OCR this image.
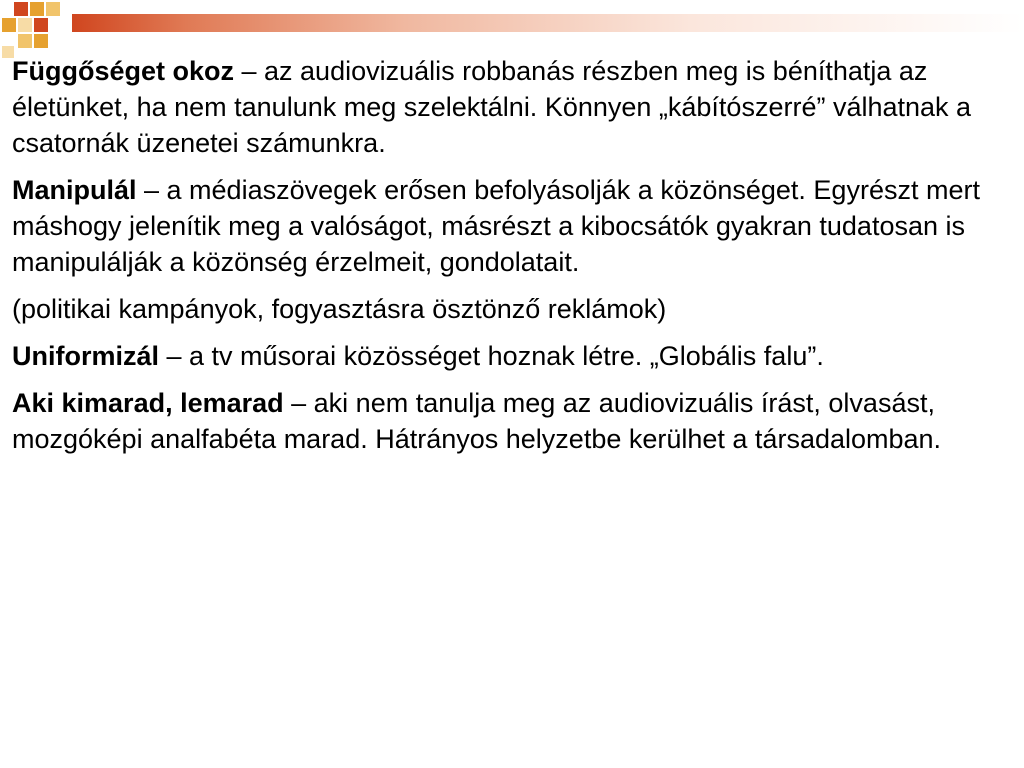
Függőséget okoz – az audiovizuális robbanás részben meg is béníthatja az életünket, ha nem tanulunk meg szelektálni. Könnyen „kábítószerré” válhatnak a csatornák üzenetei számunkra.

Manipulál – a médiaszövegek erősen befolyásolják a közönséget. Egyrészt mert máshogy jelenítik meg a valóságot, másrészt a kibocsátók gyakran tudatosan is manipulálják a közönség érzelmeit, gondolatait.

(politikai kampányok, fogyasztásra ösztönző reklámok)

Uniformizál – a tv műsorai közösséget hoznak létre. „Globális falu”.

Aki kimarad, lemarad – aki nem tanulja meg az audiovizuális írást, olvasást, mozgóképi analfabéta marad. Hátrányos helyzetbe kerülhet a társadalomban.
